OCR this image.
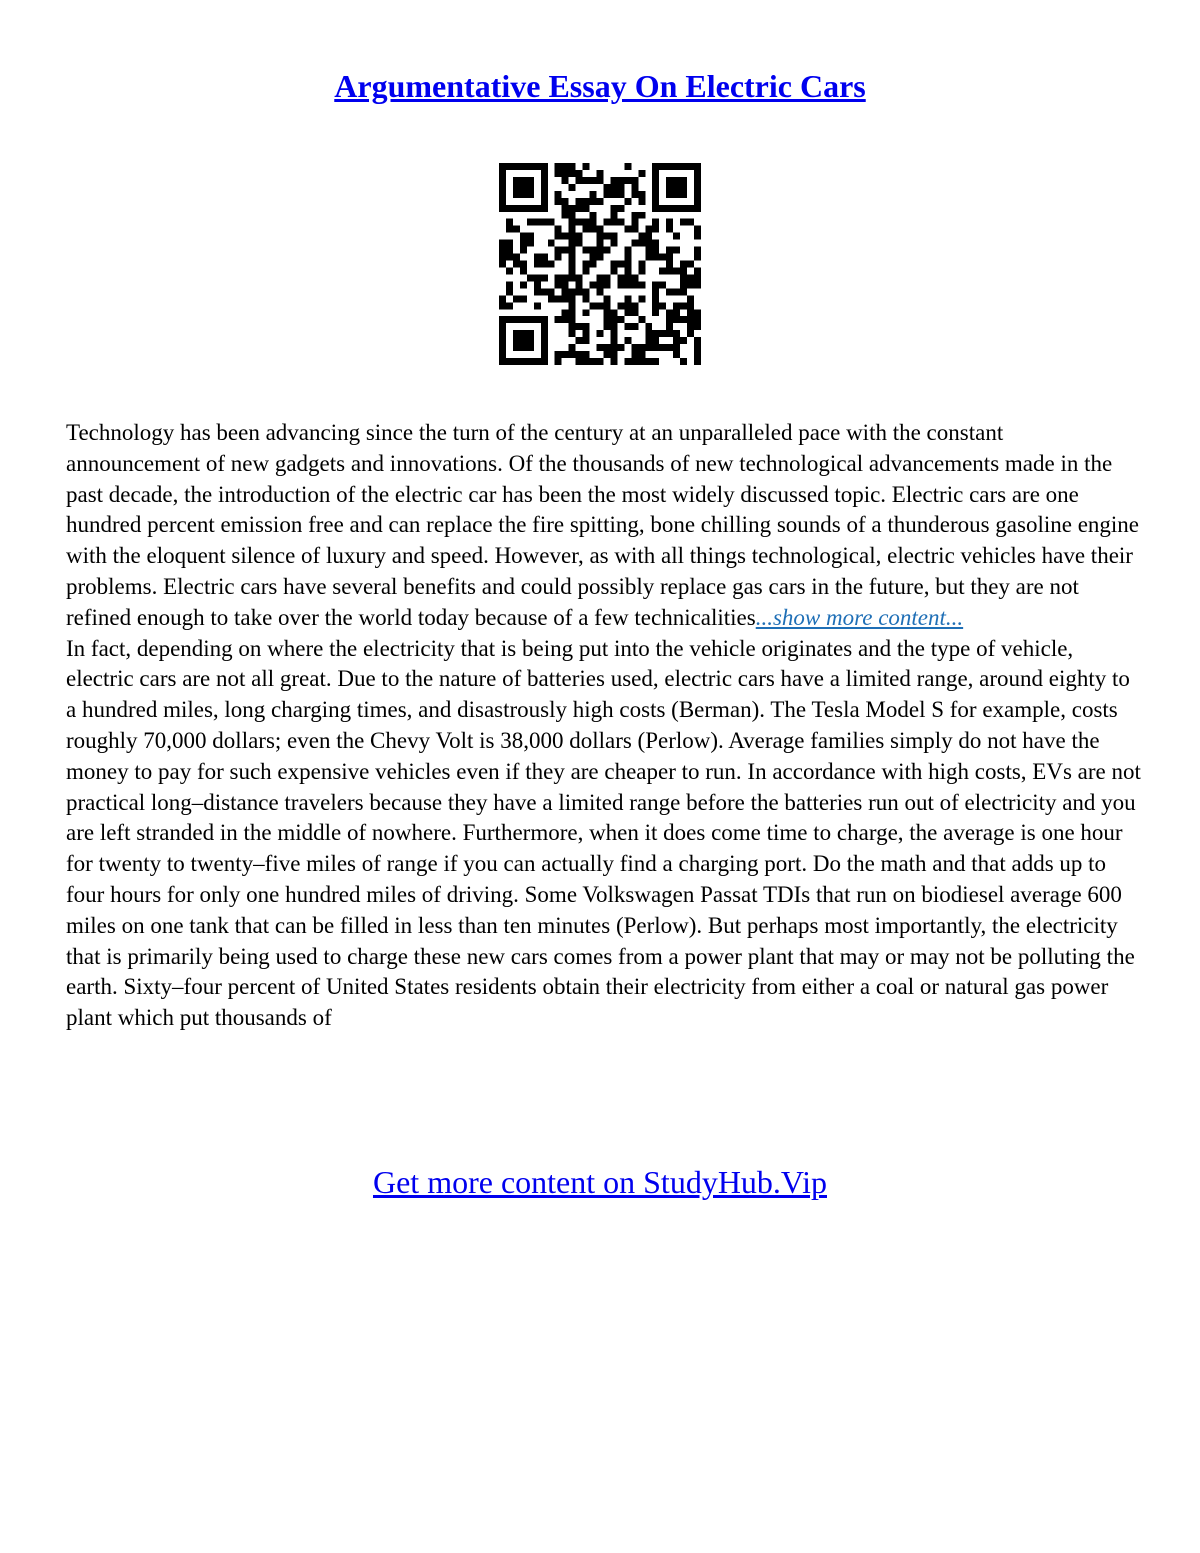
Argumentative Essay On Electric Cars

Technology has been advancing since the turn of the century at an unparalleled pace with the constant announcement of new gadgets and innovations. Of the thousands of new technological advancements made in the past decade, the introduction of the electric car has been the most widely discussed topic. Electric cars are one hundred percent emission free and can replace the fire spitting, bone chilling sounds of a thunderous gasoline engine with the eloquent silence of luxury and speed. However, as with all things technological, electric vehicles have their problems. Electric cars have several benefits and could possibly replace gas cars in the future, but they are not refined enough to take over the world today because of a few technicalities...show more content...

In fact, depending on where the electricity that is being put into the vehicle originates and the type of vehicle, electric cars are not all great. Due to the nature of batteries used, electric cars have a limited range, around eighty to a hundred miles, long charging times, and disastrously high costs (Berman). The Tesla Model S for example, costs roughly 70,000 dollars; even the Chevy Volt is 38,000 dollars (Perlow). Average families simply do not have the money to pay for such expensive vehicles even if they are cheaper to run. In accordance with high costs, EVs are not practical long–distance travelers because they have a limited range before the batteries run out of electricity and you are left stranded in the middle of nowhere. Furthermore, when it does come time to charge, the average is one hour for twenty to twenty–five miles of range if you can actually find a charging port. Do the math and that adds up to four hours for only one hundred miles of driving. Some Volkswagen Passat TDIs that run on biodiesel average 600 miles on one tank that can be filled in less than ten minutes (Perlow). But perhaps most importantly, the electricity that is primarily being used to charge these new cars comes from a power plant that may or may not be polluting the earth. Sixty–four percent of United States residents obtain their electricity from either a coal or natural gas power plant which put thousands of

Get more content on StudyHub.Vip
